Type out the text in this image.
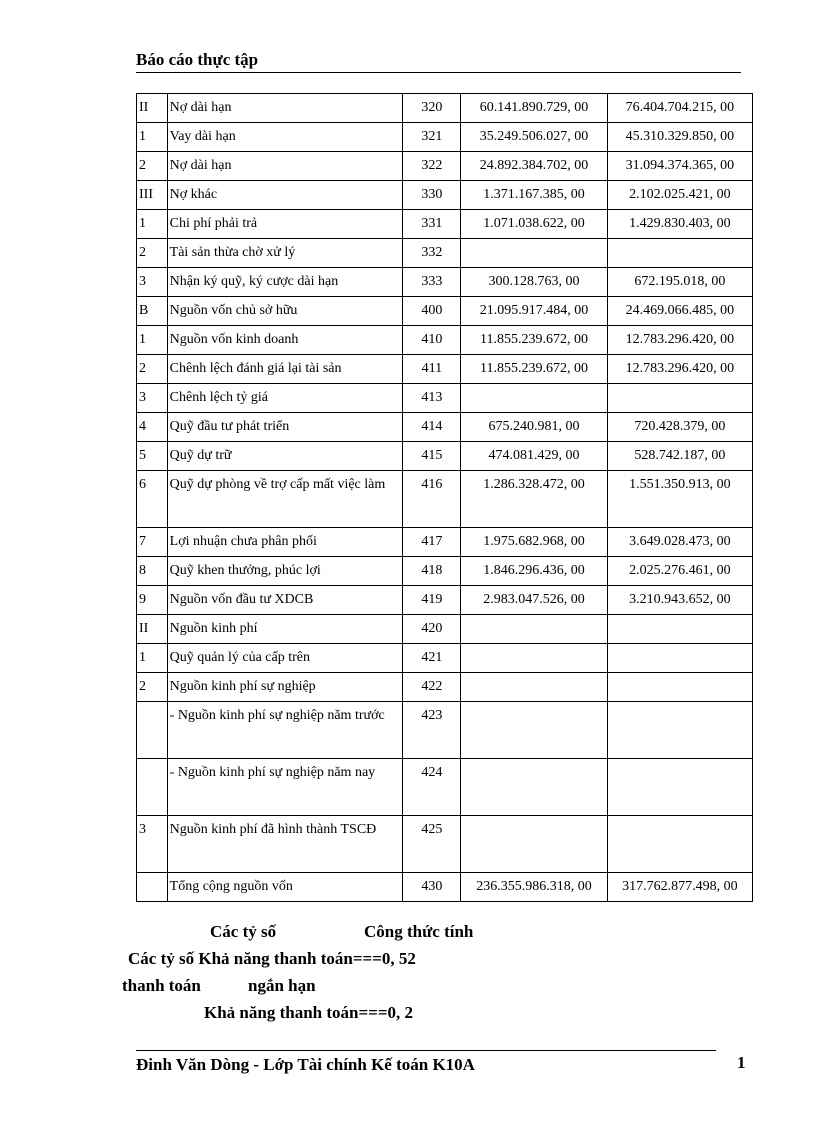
Báo cáo thực tập
II	Nợ dài hạn	320	60.141.890.729, 00	76.404.704.215, 00
1	Vay dài hạn	321	35.249.506.027, 00	45.310.329.850, 00
2	Nợ dài hạn	322	24.892.384.702, 00	31.094.374.365, 00
III	Nợ khác	330	1.371.167.385, 00	2.102.025.421, 00
1	Chi phí phải trả	331	1.071.038.622, 00	1.429.830.403, 00
2	Tài sản thừa chờ xử lý	332		
3	Nhận ký quỹ, ký cược dài hạn	333	300.128.763, 00	672.195.018, 00
B	Nguồn vốn chủ sở hữu	400	21.095.917.484, 00	24.469.066.485, 00
1	Nguồn vốn kinh doanh	410	11.855.239.672, 00	12.783.296.420, 00
2	Chênh lệch đánh giá lại tài sản	411	11.855.239.672, 00	12.783.296.420, 00
3	Chênh lệch tỷ giá	413		
4	Quỹ đầu tư phát triển	414	675.240.981, 00	720.428.379, 00
5	Quỹ dự trữ	415	474.081.429, 00	528.742.187, 00
6	Quỹ dự phòng về trợ cấp mất việc làm	416	1.286.328.472, 00	1.551.350.913, 00
7	Lợi nhuận chưa phân phối	417	1.975.682.968, 00	3.649.028.473, 00
8	Quỹ khen thưởng, phúc lợi	418	1.846.296.436, 00	2.025.276.461, 00
9	Nguồn vốn đầu tư XDCB	419	2.983.047.526, 00	3.210.943.652, 00
II	Nguồn kinh phí	420		
1	Quỹ quản lý của cấp trên	421		
2	Nguồn kinh phí sự nghiệp	422		
	- Nguồn kinh phí sự nghiệp năm trước	423		
	- Nguồn kinh phí sự nghiệp năm nay	424		
3	Nguồn kinh phí đã hình thành TSCĐ	425		
	Tổng cộng nguồn vốn	430	236.355.986.318, 00	317.762.877.498, 00
Các tỷ số	Công thức tính
Các tỷ số Khả năng thanh toán===0, 52
thanh toán	ngắn hạn
Khả năng thanh toán===0, 2
Đinh Văn Dòng - Lớp Tài chính Kế toán K10A	1
